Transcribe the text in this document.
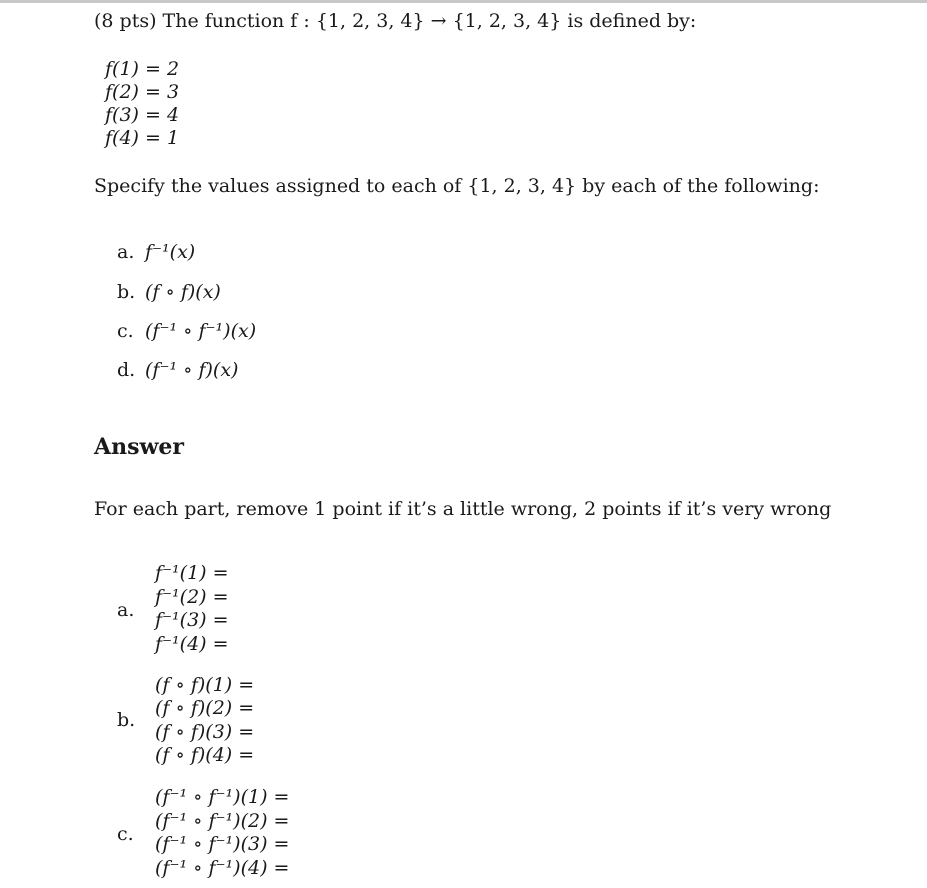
(8 pts) The function f : {1, 2, 3, 4} → {1, 2, 3, 4} is defined by:
f(1) = 2
f(2) = 3
f(3) = 4
f(4) = 1
Specify the values assigned to each of {1, 2, 3, 4} by each of the following:
a. f⁻¹(x)
b. (f ∘ f)(x)
c. (f⁻¹ ∘ f⁻¹)(x)
d. (f⁻¹ ∘ f)(x)
Answer
For each part, remove 1 point if it’s a little wrong, 2 points if it’s very wrong
a.
f⁻¹(1) =
f⁻¹(2) =
f⁻¹(3) =
f⁻¹(4) =
b.
(f ∘ f)(1) =
(f ∘ f)(2) =
(f ∘ f)(3) =
(f ∘ f)(4) =
c.
(f⁻¹ ∘ f⁻¹)(1) =
(f⁻¹ ∘ f⁻¹)(2) =
(f⁻¹ ∘ f⁻¹)(3) =
(f⁻¹ ∘ f⁻¹)(4) =
